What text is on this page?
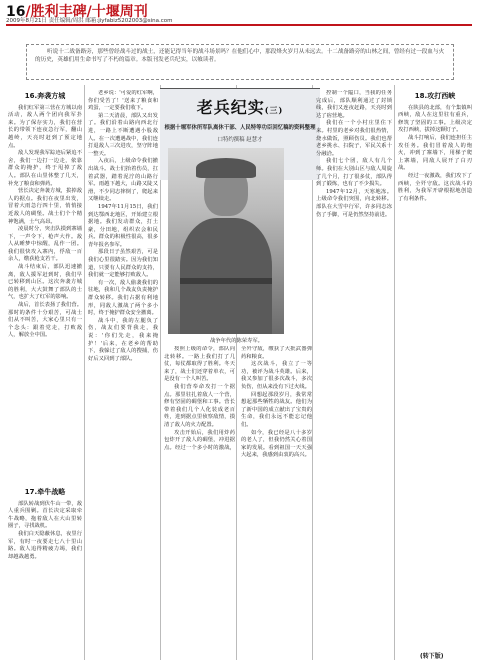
16/胜利丰碑/十堰周刊
2009年8月21日 责任编辑/周洪 邮箱:jiyfabiz5202003@sina.com
听说十二战备路旁，那些曾经战斗过的战士，还能记得当年的战斗场景吗？在他们心中，那段烽火岁月从未远去。十二战备路旁的山林之间，曾经有过一段血与火的历史，英雄们用生命书写了不朽的篇章。本版刊发老兵纪实，以飨读者。
16.奔袭方城

我们红军第三营在方城以南活动，敌人两个团向我军扑来。为了保存实力，我们在营长的带领下连夜急行军，翻山越岭，天亮时赶到了预定地点。

敌人发现我军踪迹后紧追不舍，我们一边打一边走，依靠群众的掩护，终于甩掉了敌人。部队在山里休整了几天，补充了粮食和弹药。

营长决定奔袭方城，拔掉敌人的据点。我们在夜里出发，冒着大雨急行四十里，悄悄接近敌人的碉堡。战士们个个精神饱满，士气高昂。

凌晨时分，突击队摸到寨墙下，一声令下，枪声大作。敌人从睡梦中惊醒，乱作一团。我们很快攻入寨内，俘敌一百余人，缴获枪支若干。

战斗结束后，部队迅速撤离，敌人援军赶到时，我们早已转移到山区。这次奔袭方城的胜利，大大鼓舞了部队的士气，也扩大了红军的影响。

战后，首长表扬了我们营。那时的条件十分艰苦，可战士们从不叫苦，大家心里只有一个念头：跟着党走，打败敌人，解放全中国。

17.牵牛战略

部队转战到伏牛山一带，敌人重兵围剿。首长决定采取牵牛战略，拖着敌人在大山里转圈子，寻找战机。

我们白天隐蔽休息，夜里行军，有时一夜要走七八十里山路。敌人追得精疲力竭，我们却越战越勇。

老乡说：'可爱的红军啊，你们受苦了！'送来了粮食和鸡蛋，一定要我们收下。

第二天清晨，部队又出发了。我们沿着山路向西北行进，一路上不断遭遇小股敌人。在一次遭遇战中，我们连打退敌人三次进攻，坚守阵地一整天。

入夜后，上级命令我们撤出战斗。战士们抬着伤员，扛着武器，踏着泥泞的山路行军。雨越下越大，山路又陡又滑，不少同志摔倒了，爬起来又继续走。

1947年11月15日，我们到达鄂西北地区，开始建立根据地。我们发动群众，打土豪，分田地，组织农会和民兵。群众的积极性很高，很多青年报名参军。

那段日子虽然艰苦，可是我们心里很踏实。因为我们知道，只要有人民群众的支持，我们就一定能够打败敌人。

有一次，敌人偷袭我们的驻地，我和几个战友负责掩护群众转移。我们占据有利地形，同敌人激战了两个多小时，终于掩护群众安全撤离。

战斗中，我的左腿负了伤，战友们要背我走，我说：'你们先走，我来掩护！'后来，在老乡的帮助下，我躲过了敌人的搜捕，伤好后又回到了部队。

老兵纪实(三)
根据十堰军休所军队离休干部、人民特等功臣回忆稿的资料整理
口特约撰稿 赵慧才
战争年代的陈荣寿军。

按照上级的命令，部队向北转移。一路上我们打了几仗，每仗都取得了胜利。冬天来了，战士们还穿着单衣，可是没有一个人叫苦。

我们营奉命攻打一个据点。那里驻扎着敌人一个营，修有坚固的碉堡和工事。营长带着我们几个人化装成老百姓，进到据点里侦察敌情，摸清了敌人的火力配置。

攻击开始后，我们用炸药包炸开了敌人的碉堡，冲进据点。经过一个多小时的激战，全歼守敌，缴获了大批武器弹药和粮食。

这次战斗，我立了一等功，被评为战斗英雄。后来，我又参加了很多次战斗，多次负伤，但从来没有下过火线。

回想起那段岁月，我常常想起那些牺牲的战友。他们为了新中国的成立献出了宝贵的生命，我们永远不能忘记他们。

如今，我已经是八十多岁的老人了，但我仍然关心着国家的发展。看到祖国一天天强大起来，我感到由衷的高兴。

控制一个隘口，当我的任务完成后，部队顺利通过了封锁线，我们又连夜赶路，天亮时到达了宿营地。

我们在一个小村庄里住下来。村里的老乡对我们很热情，烧水做饭，照顾伤员。我们也帮老乡挑水、扫院子，军民关系十分融洽。

我们七个团，敌人有几个师。我们在大别山区与敌人周旋了几个月，打了很多仗，部队得到了锻炼，也有了不少损失。

1947年12月，天寒地冻。上级命令我们突围，向北转移。部队在大雪中行军，许多同志冻伤了手脚，可是仍然坚持前进。

18.攻打西峡

在陕县的北部，有个集镇叫西峡，敌人在这里驻有重兵，修筑了坚固的工事。上级决定攻打西峡，拔掉这颗钉子。

战斗打响后，我们连担任主攻任务。我们冒着敌人的炮火，冲到了寨墙下，用梯子爬上寨墙，同敌人展开了白刃战。

经过一夜激战，我们攻下了西峡，全歼守敌。这次战斗的胜利，为我军开辟根据地创造了有利条件。

(转下版)
